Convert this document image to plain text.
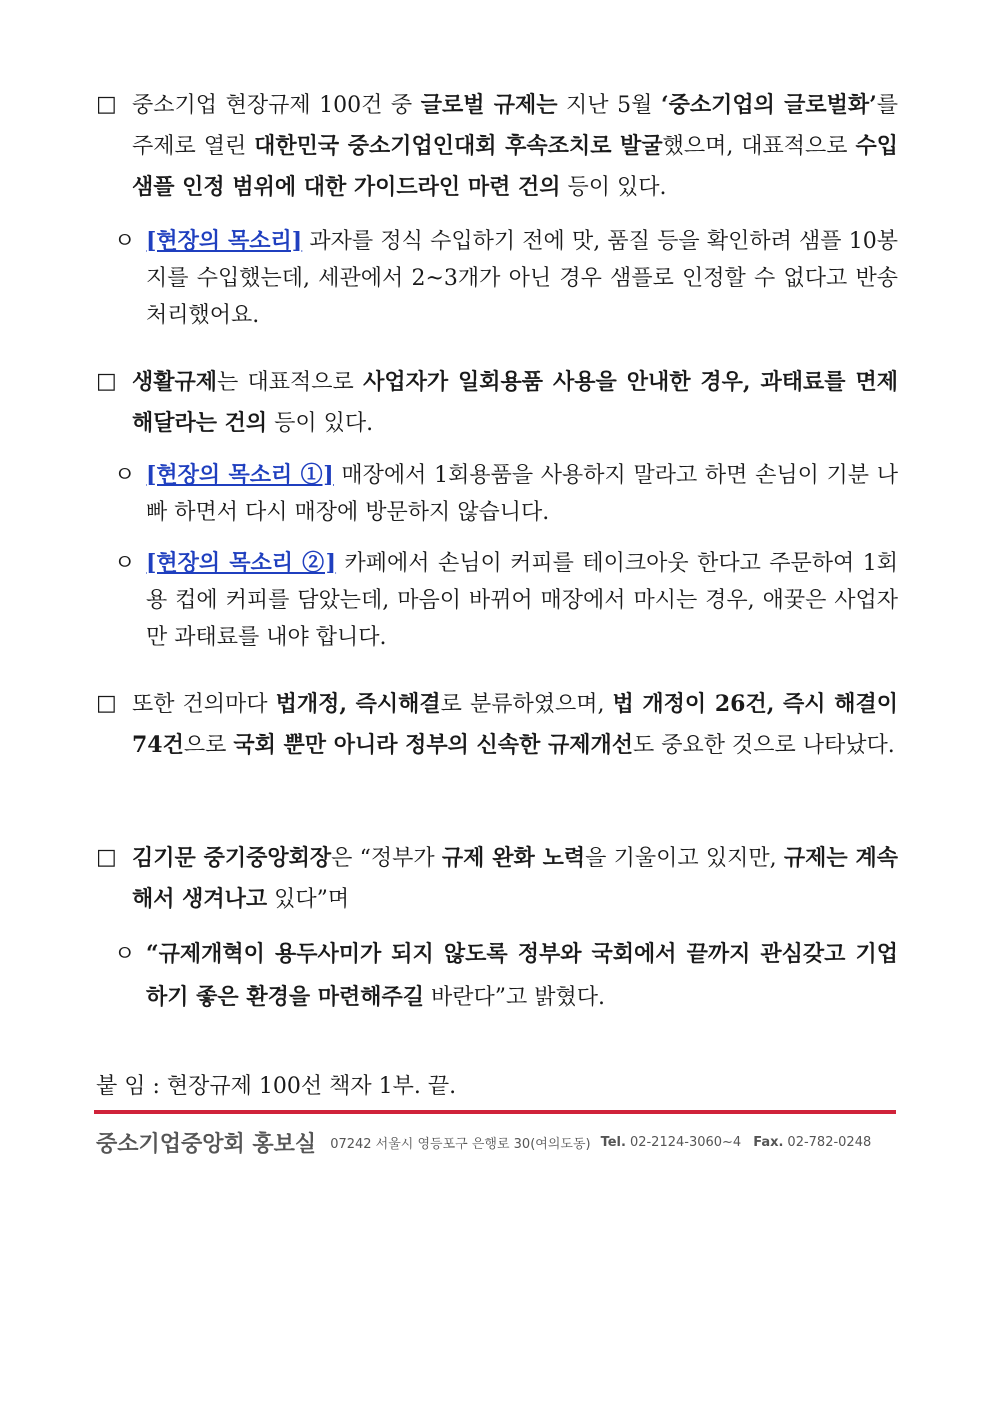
□ 중소기업 현장규제 100건 중 글로벌 규제는 지난 5월 ‘중소기업의 글로벌화’를 주제로 열린 대한민국 중소기업인대회 후속조치로 발굴했으며, 대표적으로 수입 샘플 인정 범위에 대한 가이드라인 마련 건의 등이 있다.
ㅇ [현장의 목소리] 과자를 정식 수입하기 전에 맛, 품질 등을 확인하려 샘플 10봉지를 수입했는데, 세관에서 2~3개가 아닌 경우 샘플로 인정할 수 없다고 반송 처리했어요.
□ 생활규제는 대표적으로 사업자가 일회용품 사용을 안내한 경우, 과태료를 면제해달라는 건의 등이 있다.
ㅇ [현장의 목소리 ①] 매장에서 1회용품을 사용하지 말라고 하면 손님이 기분 나빠 하면서 다시 매장에 방문하지 않습니다.
ㅇ [현장의 목소리 ②] 카페에서 손님이 커피를 테이크아웃 한다고 주문하여 1회용 컵에 커피를 담았는데, 마음이 바뀌어 매장에서 마시는 경우, 애꿎은 사업자만 과태료를 내야 합니다.
□ 또한 건의마다 법개정, 즉시해결로 분류하였으며, 법 개정이 26건, 즉시 해결이 74건으로 국회 뿐만 아니라 정부의 신속한 규제개선도 중요한 것으로 나타났다.
□ 김기문 중기중앙회장은 “정부가 규제 완화 노력을 기울이고 있지만, 규제는 계속해서 생겨나고 있다”며
ㅇ “규제개혁이 용두사미가 되지 않도록 정부와 국회에서 끝까지 관심갖고 기업 하기 좋은 환경을 마련해주길 바란다”고 밝혔다.
붙 임 : 현장규제 100선 책자 1부. 끝.
중소기업중앙회 홍보실 07242 서울시 영등포구 은행로 30(여의도동) Tel. 02-2124-3060~4 Fax. 02-782-0248
